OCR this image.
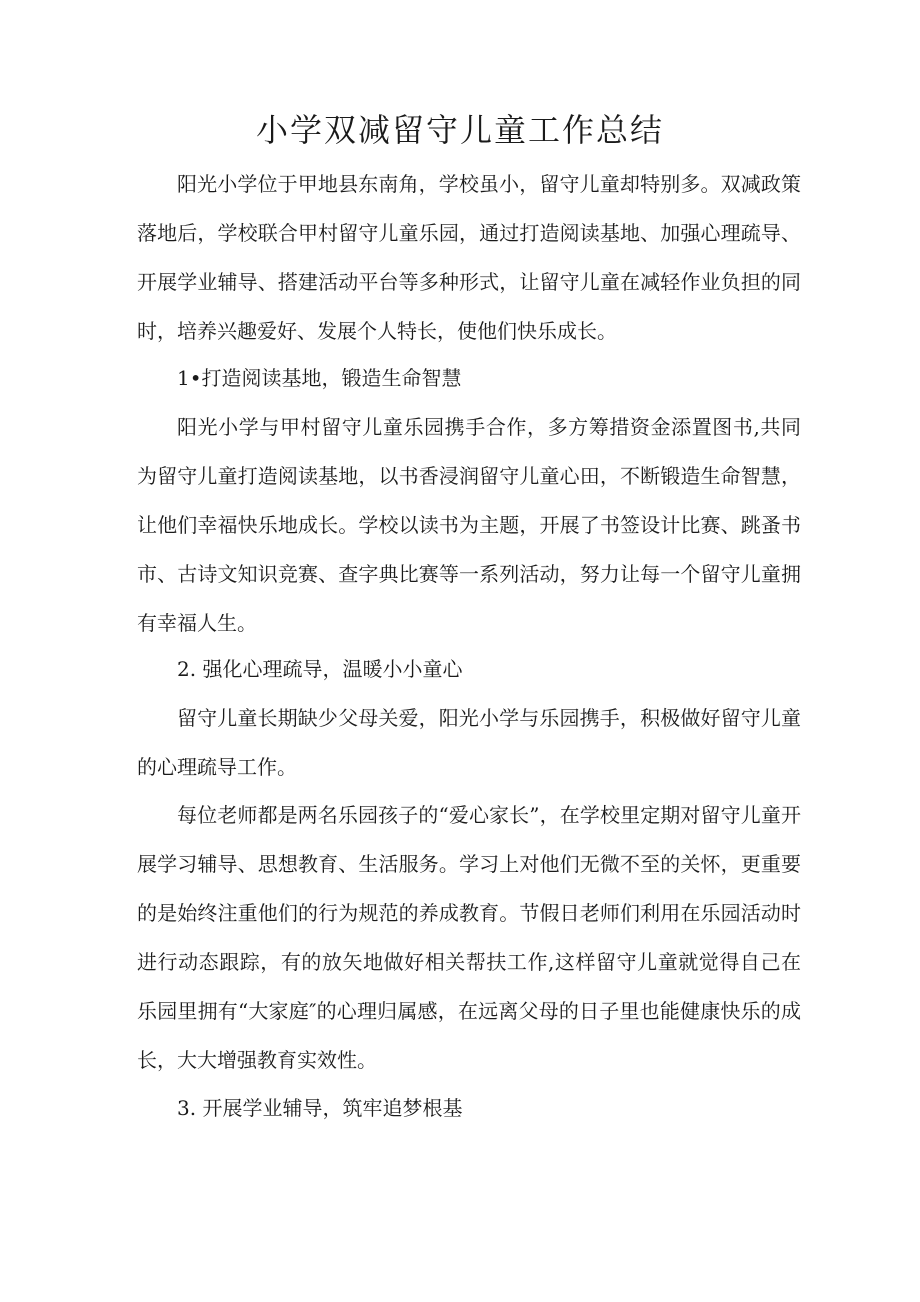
小学双减留守儿童工作总结
阳光小学位于甲地县东南角，学校虽小，留守儿童却特别多。双减政策落地后，学校联合甲村留守儿童乐园，通过打造阅读基地、加强心理疏导、开展学业辅导、搭建活动平台等多种形式，让留守儿童在减轻作业负担的同时，培养兴趣爱好、发展个人特长，使他们快乐成长。
1•打造阅读基地，锻造生命智慧
阳光小学与甲村留守儿童乐园携手合作，多方筹措资金添置图书,共同为留守儿童打造阅读基地，以书香浸润留守儿童心田，不断锻造生命智慧，让他们幸福快乐地成长。学校以读书为主题，开展了书签设计比赛、跳蚤书市、古诗文知识竞赛、查字典比赛等一系列活动，努力让每一个留守儿童拥有幸福人生。
2. 强化心理疏导，温暖小小童心
留守儿童长期缺少父母关爱，阳光小学与乐园携手，积极做好留守儿童的心理疏导工作。
每位老师都是两名乐园孩子的“爱心家长”，在学校里定期对留守儿童开展学习辅导、思想教育、生活服务。学习上对他们无微不至的关怀，更重要的是始终注重他们的行为规范的养成教育。节假日老师们利用在乐园活动时进行动态跟踪，有的放矢地做好相关帮扶工作,这样留守儿童就觉得自己在乐园里拥有“大家庭″的心理归属感，在远离父母的日子里也能健康快乐的成长，大大增强教育实效性。
3. 开展学业辅导，筑牢追梦根基
